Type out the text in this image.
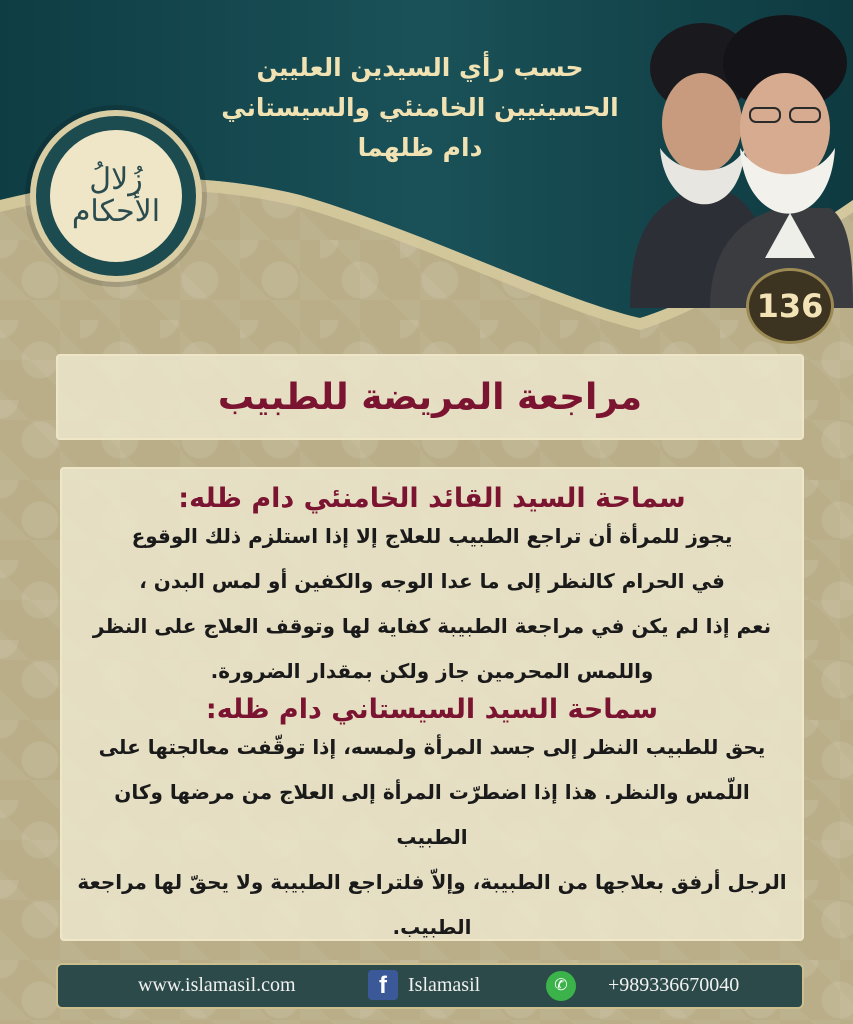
حسب رأي السيدين العليين
الحسينيين الخامنئي والسيستاني
دام ظلهما
زُلالُ
الأحكام
136
مراجعة المريضة للطبيب

سماحة السيد القائد الخامنئي دام ظله:

يجوز للمرأة أن تراجع الطبيب للعلاج إلا إذا استلزم ذلك الوقوع

في الحرام كالنظر إلى ما عدا الوجه والكفين أو لمس البدن ،

نعم إذا لم يكن في مراجعة الطبيبة كفاية لها وتوقف العلاج على النظر

واللمس المحرمين جاز ولكن بمقدار الضرورة.

سماحة السيد السيستاني دام ظله:

يحق للطبيب النظر إلى جسد المرأة ولمسه، إذا توقّفت معالجتها على

اللّمس والنظر. هذا إذا اضطرّت المرأة إلى العلاج من مرضها وكان الطبيب

الرجل أرفق بعلاجها من الطبيبة، وإلاّ فلتراجع الطبيبة ولا يحقّ لها مراجعة

الطبيب.

www.islamasil.com	f	Islamasil	✆	+989336670040
